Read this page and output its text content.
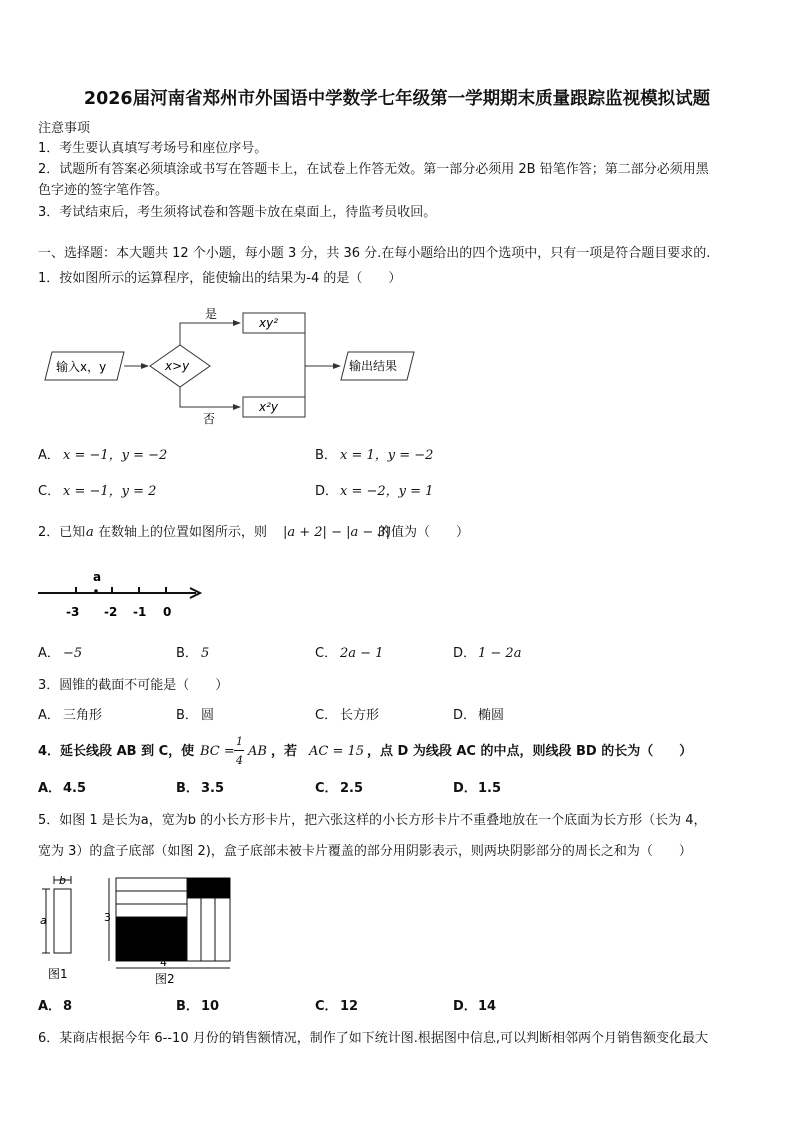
2026届河南省郑州市外国语中学数学七年级第一学期期末质量跟踪监视模拟试题
注意事项
1．考生要认真填写考场号和座位序号。
2．试题所有答案必须填涂或书写在答题卡上，在试卷上作答无效。第一部分必须用 2B 铅笔作答；第二部分必须用黑
色字迹的签字笔作答。
3．考试结束后，考生须将试卷和答题卡放在桌面上，待监考员收回。
一、选择题：本大题共 12 个小题，每小题 3 分，共 36 分.在每小题给出的四个选项中，只有一项是符合题目要求的.
1．按如图所示的运算程序，能使输出的结果为-4 的是（　　）
输入x，y	x>y
是
xy²
否
x²y
输出结果
A． x = −1，y = −2	B． x = 1，y = −2
C． x = −1，y = 2	D． x = −2，y = 1
2．已知 a 在数轴上的位置如图所示，则 |a + 2| − |a − 3|
的值为（　　）
a
-3 -2 -1 0
A． −5	B． 5	C． 2a − 1	D． 1 − 2a
3．圆锥的截面不可能是（　　）
A． 三角形	B． 圆	C． 长方形	D． 椭圆
4．延长线段 AB 到 C，使 BC =
1
4
AB ，若 AC = 15 ，点 D 为线段 AC 的中点，则线段 BD 的长为（　　）
A． 4.5	B． 3.5	C． 2.5	D． 1.5
5．如图 1 是长为a，宽为b 的小长方形卡片，把六张这样的小长方形卡片不重叠地放在一个底面为长方形（长为 4，
宽为 3）的盒子底部（如图 2)，盒子底部未被卡片覆盖的部分用阴影表示，则两块阴影部分的周长之和为（　　）
b
a
图1
3
4
图2
A． 8	B． 10	C． 12	D． 14
6．某商店根据今年 6--10 月份的销售额情况，制作了如下统计图.根据图中信息,可以判断相邻两个月销售额变化最大
